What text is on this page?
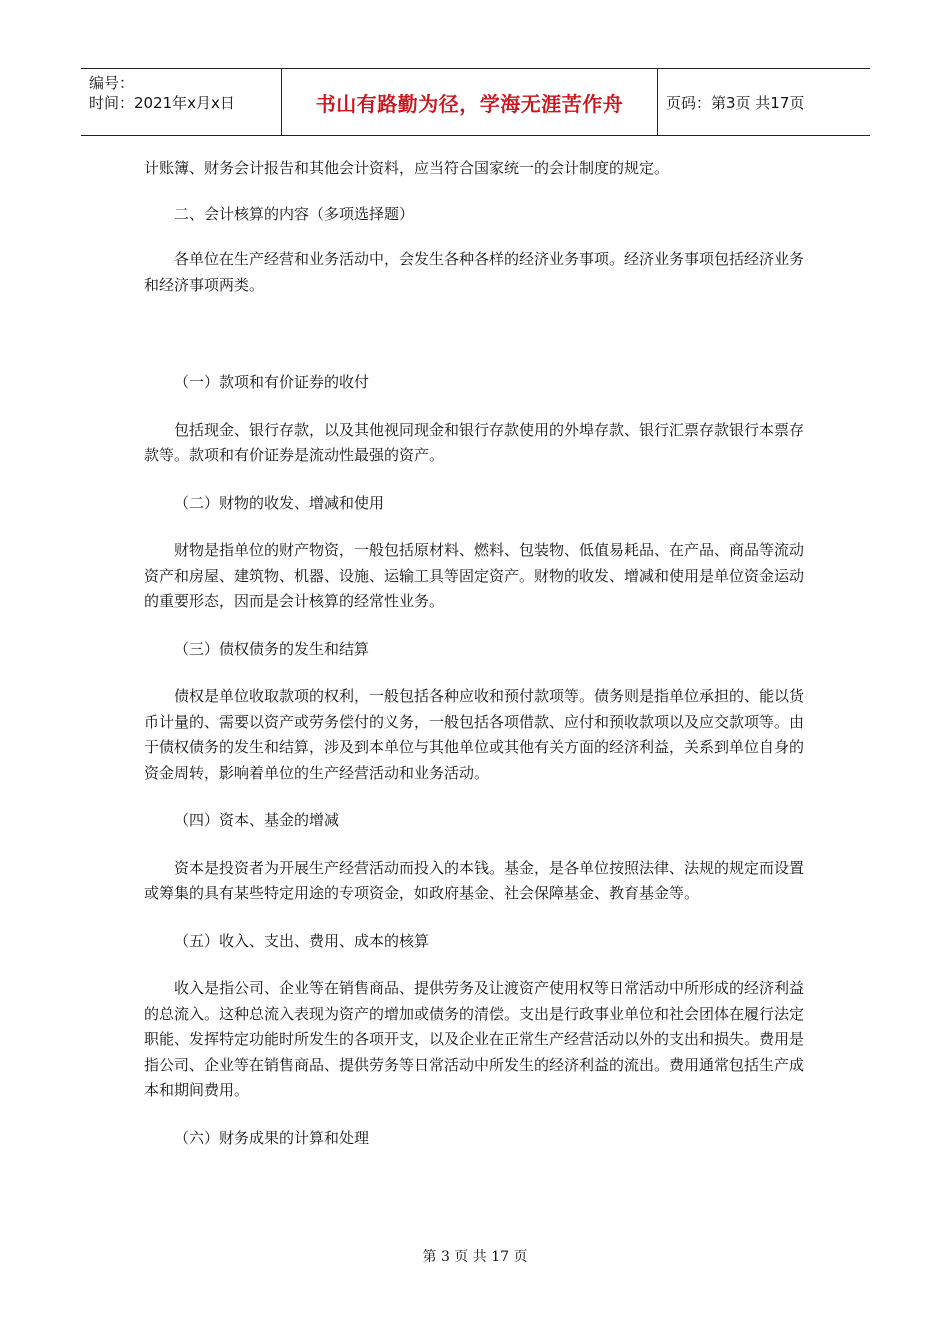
编号：
时间：2021年x月x日	书山有路勤为径，学海无涯苦作舟	页码：第3页 共17页

计账簿、财务会计报告和其他会计资料，应当符合国家统一的会计制度的规定。

二、会计核算的内容（多项选择题）

各单位在生产经营和业务活动中，会发生各种各样的经济业务事项。经济业务事项包括经济业务和经济事项两类。

（一）款项和有价证券的收付

包括现金、银行存款，以及其他视同现金和银行存款使用的外埠存款、银行汇票存款银行本票存款等。款项和有价证券是流动性最强的资产。

（二）财物的收发、增减和使用

财物是指单位的财产物资，一般包括原材料、燃料、包装物、低值易耗品、在产品、商品等流动资产和房屋、建筑物、机器、设施、运输工具等固定资产。财物的收发、增减和使用是单位资金运动的重要形态，因而是会计核算的经常性业务。

（三）债权债务的发生和结算

债权是单位收取款项的权利，一般包括各种应收和预付款项等。债务则是指单位承担的、能以货币计量的、需要以资产或劳务偿付的义务，一般包括各项借款、应付和预收款项以及应交款项等。由于债权债务的发生和结算，涉及到本单位与其他单位或其他有关方面的经济利益，关系到单位自身的资金周转，影响着单位的生产经营活动和业务活动。

（四）资本、基金的增减

资本是投资者为开展生产经营活动而投入的本钱。基金，是各单位按照法律、法规的规定而设置或筹集的具有某些特定用途的专项资金，如政府基金、社会保障基金、教育基金等。

（五）收入、支出、费用、成本的核算

收入是指公司、企业等在销售商品、提供劳务及让渡资产使用权等日常活动中所形成的经济利益的总流入。这种总流入表现为资产的增加或债务的清偿。支出是行政事业单位和社会团体在履行法定职能、发挥特定功能时所发生的各项开支，以及企业在正常生产经营活动以外的支出和损失。费用是指公司、企业等在销售商品、提供劳务等日常活动中所发生的经济利益的流出。费用通常包括生产成本和期间费用。

（六）财务成果的计算和处理

第 3 页 共 17 页
